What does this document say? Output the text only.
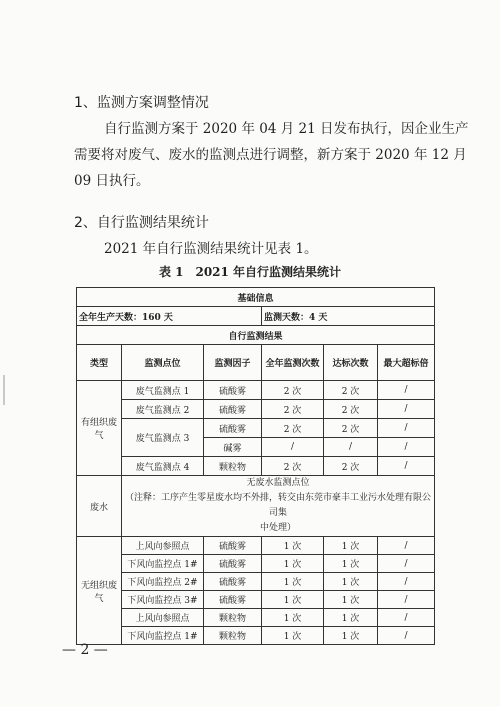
1、监测方案调整情况
自行监测方案于 2020 年 04 月 21 日发布执行，因企业生产
需要将对废气、废水的监测点进行调整，新方案于 2020 年 12 月
09 日执行。
2、自行监测结果统计
2021 年自行监测结果统计见表 1。
表 1　2021 年自行监测结果统计
基础信息					
全年生产天数：160 天			监测天数：4 天		
自行监测结果					
类型	监测点位	监测因子	全年监测次数	达标次数	最大超标倍
有组织废气	废气监测点 1	硫酸雾	2 次	2 次	/
	废气监测点 2	硫酸雾	2 次	2 次	/
	废气监测点 3	硫酸雾	2 次	2 次	/
		碱雾	/	/	/
	废气监测点 4	颗粒物	2 次	2 次	/
废水	无废水监测点位
（注释：工序产生零星废水均不外排，转交由东莞市豪丰工业污水处理有限公司集
中处理）				

无组织废气	上风向参照点	硫酸雾	1 次	1 次	/
	下风向监控点 1#	硫酸雾	1 次	1 次	/
	下风向监控点 2#	硫酸雾	1 次	1 次	/
	下风向监控点 3#	硫酸雾	1 次	1 次	/
	上风向参照点	颗粒物	1 次	1 次	/
	下风向监控点 1#	颗粒物	1 次	1 次	/
— 2 —
